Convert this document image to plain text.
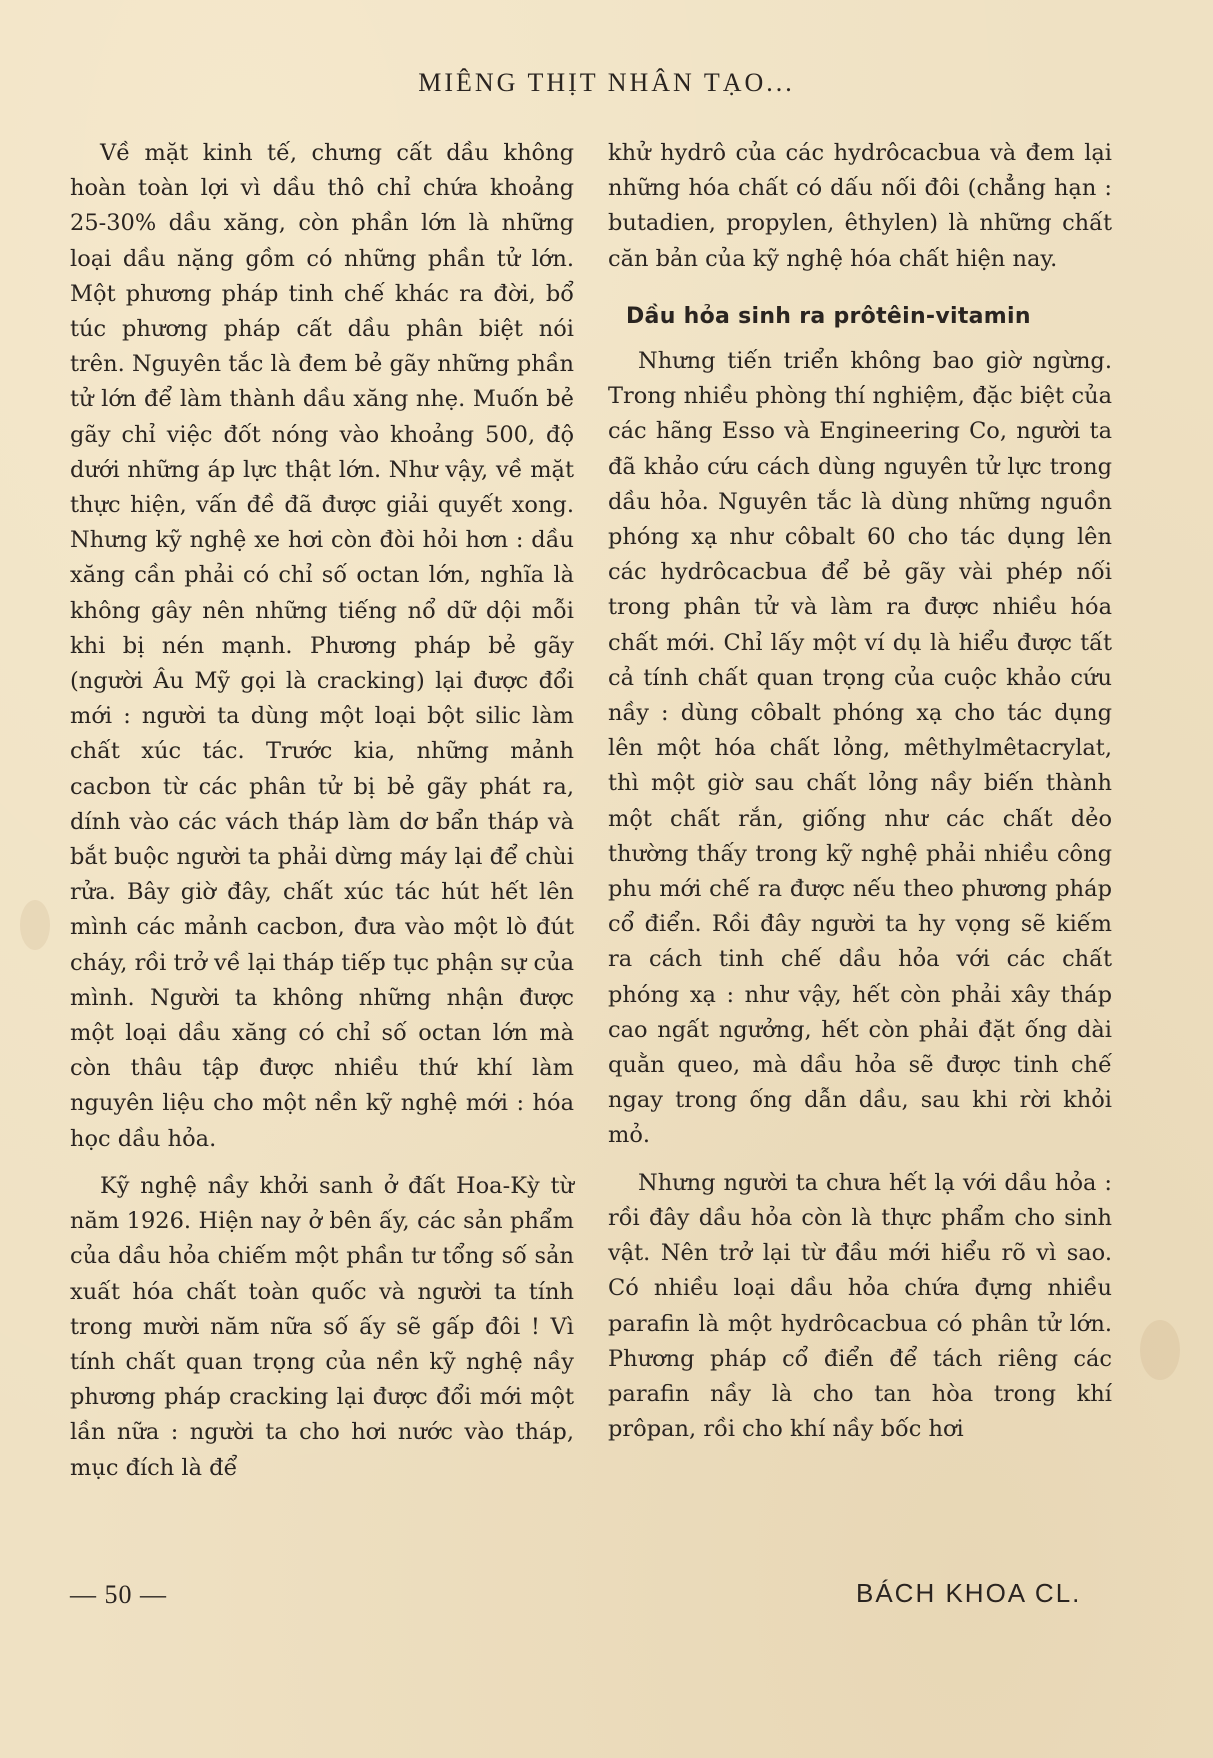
MIÊNG THỊT NHÂN TẠO...

Về mặt kinh tế, chưng cất dầu không hoàn toàn lợi vì dầu thô chỉ chứa khoảng 25-30% dầu xăng, còn phần lớn là những loại dầu nặng gồm có những phần tử lớn. Một phương pháp tinh chế khác ra đời, bổ túc phương pháp cất dầu phân biệt nói trên. Nguyên tắc là đem bẻ gãy những phần tử lớn để làm thành dầu xăng nhẹ. Muốn bẻ gãy chỉ việc đốt nóng vào khoảng 500, độ dưới những áp lực thật lớn. Như vậy, về mặt thực hiện, vấn đề đã được giải quyết xong. Nhưng kỹ nghệ xe hơi còn đòi hỏi hơn : dầu xăng cần phải có chỉ số octan lớn, nghĩa là không gây nên những tiếng nổ dữ dội mỗi khi bị nén mạnh. Phương pháp bẻ gãy (người Âu Mỹ gọi là cracking) lại được đổi mới : người ta dùng một loại bột silic làm chất xúc tác. Trước kia, những mảnh cacbon từ các phân tử bị bẻ gãy phát ra, dính vào các vách tháp làm dơ bẩn tháp và bắt buộc người ta phải dừng máy lại để chùi rửa. Bây giờ đây, chất xúc tác hút hết lên mình các mảnh cacbon, đưa vào một lò đút cháy, rồi trở về lại tháp tiếp tục phận sự của mình. Người ta không những nhận được một loại dầu xăng có chỉ số octan lớn mà còn thâu tập được nhiều thứ khí làm nguyên liệu cho một nền kỹ nghệ mới : hóa học dầu hỏa.

Kỹ nghệ nầy khởi sanh ở đất Hoa-Kỳ từ năm 1926. Hiện nay ở bên ấy, các sản phẩm của dầu hỏa chiếm một phần tư tổng số sản xuất hóa chất toàn quốc và người ta tính trong mười năm nữa số ấy sẽ gấp đôi ! Vì tính chất quan trọng của nền kỹ nghệ nầy phương pháp cracking lại được đổi mới một lần nữa : người ta cho hơi nước vào tháp, mục đích là để

khử hydrô của các hydrôcacbua và đem lại những hóa chất có dấu nối đôi (chẳng hạn : butadien, propylen, êthylen) là những chất căn bản của kỹ nghệ hóa chất hiện nay.

Dầu hỏa sinh ra prôtêin-vitamin

Nhưng tiến triển không bao giờ ngừng. Trong nhiều phòng thí nghiệm, đặc biệt của các hãng Esso và Engineering Co, người ta đã khảo cứu cách dùng nguyên tử lực trong dầu hỏa. Nguyên tắc là dùng những nguồn phóng xạ như côbalt 60 cho tác dụng lên các hydrôcacbua để bẻ gãy vài phép nối trong phân tử và làm ra được nhiều hóa chất mới. Chỉ lấy một ví dụ là hiểu được tất cả tính chất quan trọng của cuộc khảo cứu nầy : dùng côbalt phóng xạ cho tác dụng lên một hóa chất lỏng, mêthylmêtacrylat, thì một giờ sau chất lỏng nầy biến thành một chất rắn, giống như các chất dẻo thường thấy trong kỹ nghệ phải nhiều công phu mới chế ra được nếu theo phương pháp cổ điển. Rồi đây người ta hy vọng sẽ kiếm ra cách tinh chế dầu hỏa với các chất phóng xạ : như vậy, hết còn phải xây tháp cao ngất ngưởng, hết còn phải đặt ống dài quằn queo, mà dầu hỏa sẽ được tinh chế ngay trong ống dẫn dầu, sau khi rời khỏi mỏ.

Nhưng người ta chưa hết lạ với dầu hỏa : rồi đây dầu hỏa còn là thực phẩm cho sinh vật. Nên trở lại từ đầu mới hiểu rõ vì sao. Có nhiều loại dầu hỏa chứa đựng nhiều parafin là một hydrôcacbua có phân tử lớn. Phương pháp cổ điển để tách riêng các parafin nầy là cho tan hòa trong khí prôpan, rồi cho khí nầy bốc hơi

— 50 —	BÁCH KHOA CL.
